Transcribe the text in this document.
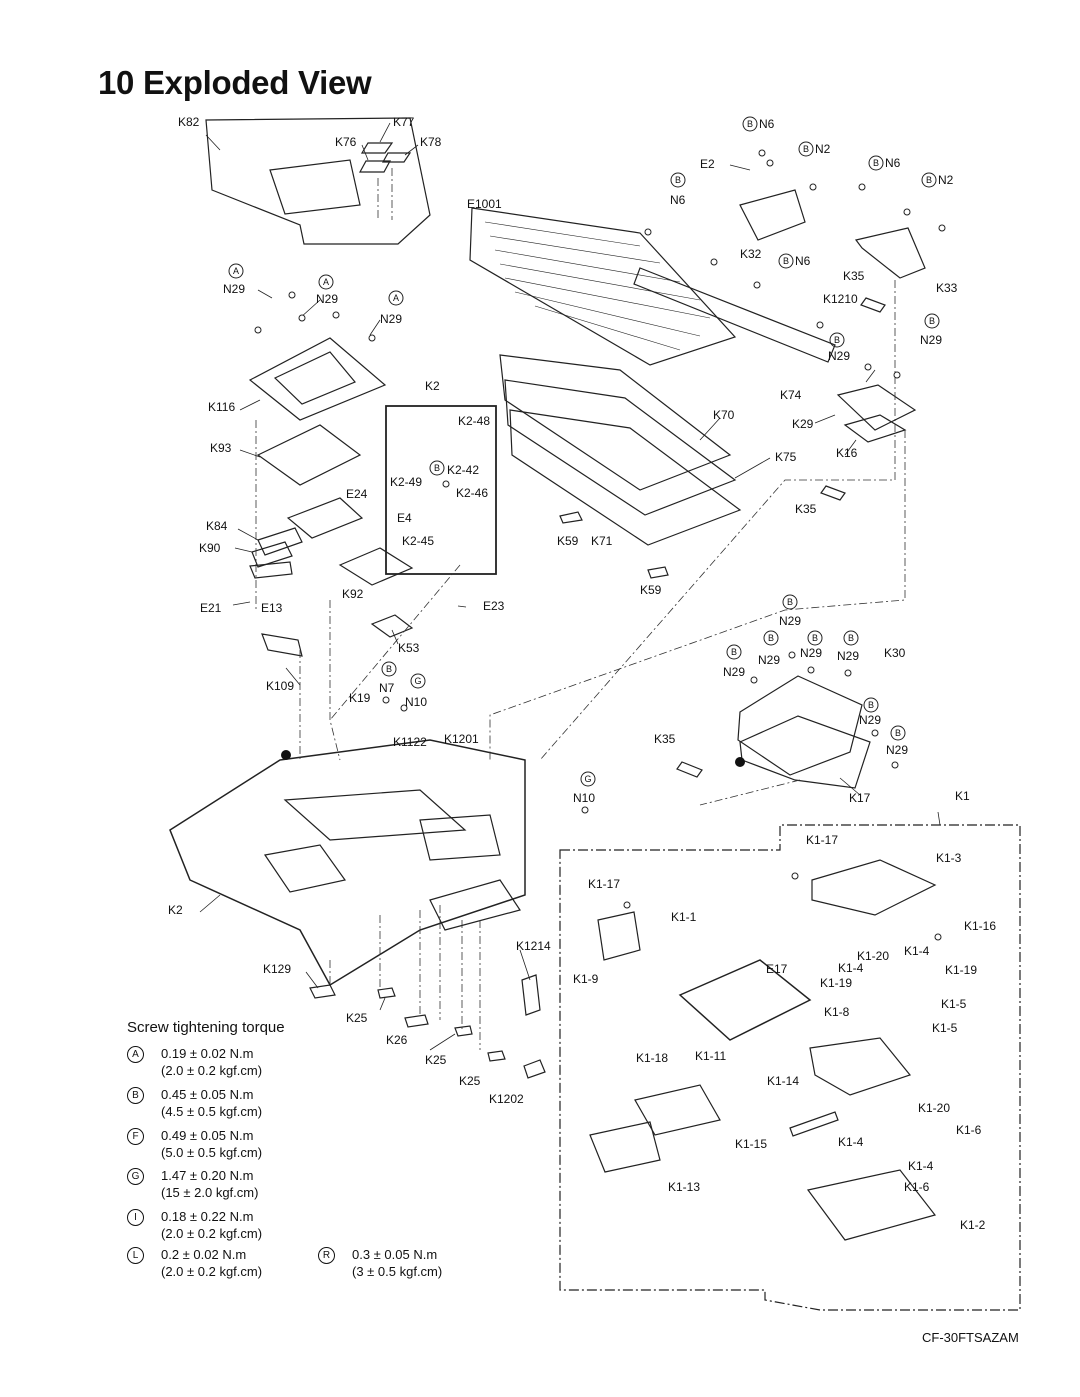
10 Exploded View
B
B
B
B
B
B
A
A
A
B
B
B
B
B
B	B	B
B
B
B
G
G
K82	K77
K76	K78
N6
E2
N2
N6
N2
N6
E1001
K32	N6
N29
N29
N29
K35
K33
K1210
N29
N29
K2
K116
K2-48	K70
K74
K29
K93
K2-42
K2-49
K2-46
K16
K75
E24
E4
K35
K84
K90	K2-45	K59 K71
K59
K92
E21	E13	E23
N29
N29 N29 N29
N29
K30
K53
K109
K19
N7
N10
N29
N29
K1122 K1201	K35
N10	K17	K1
K1-17
K1-3
K2
K1-17
K1-1
K1-16
K1214
K1-20 K1-4
K1-4	K1-19
K129
K1-9
E17
K1-19
K1-5
K25	K1-8
K1-5
K26
K25	K1-18 K1-11
K25	K1-14
K1202
K1-20
K1-6
K1-15	K1-4
K1-4
K1-13	K1-6
K1-2
Screw tightening torque
A	0.19 ± 0.02 N.m
(2.0 ± 0.2 kgf.cm)
B	0.45 ± 0.05 N.m
(4.5 ± 0.5 kgf.cm)
F	0.49 ± 0.05 N.m
(5.0 ± 0.5 kgf.cm)
G	1.47 ± 0.20 N.m
(15 ± 2.0 kgf.cm)
I	0.18 ± 0.22 N.m
(2.0 ± 0.2 kgf.cm)
L	0.2 ± 0.02 N.m
(2.0 ± 0.2 kgf.cm)
R	0.3 ± 0.05 N.m
(3 ± 0.5 kgf.cm)
CF-30FTSAZAM
